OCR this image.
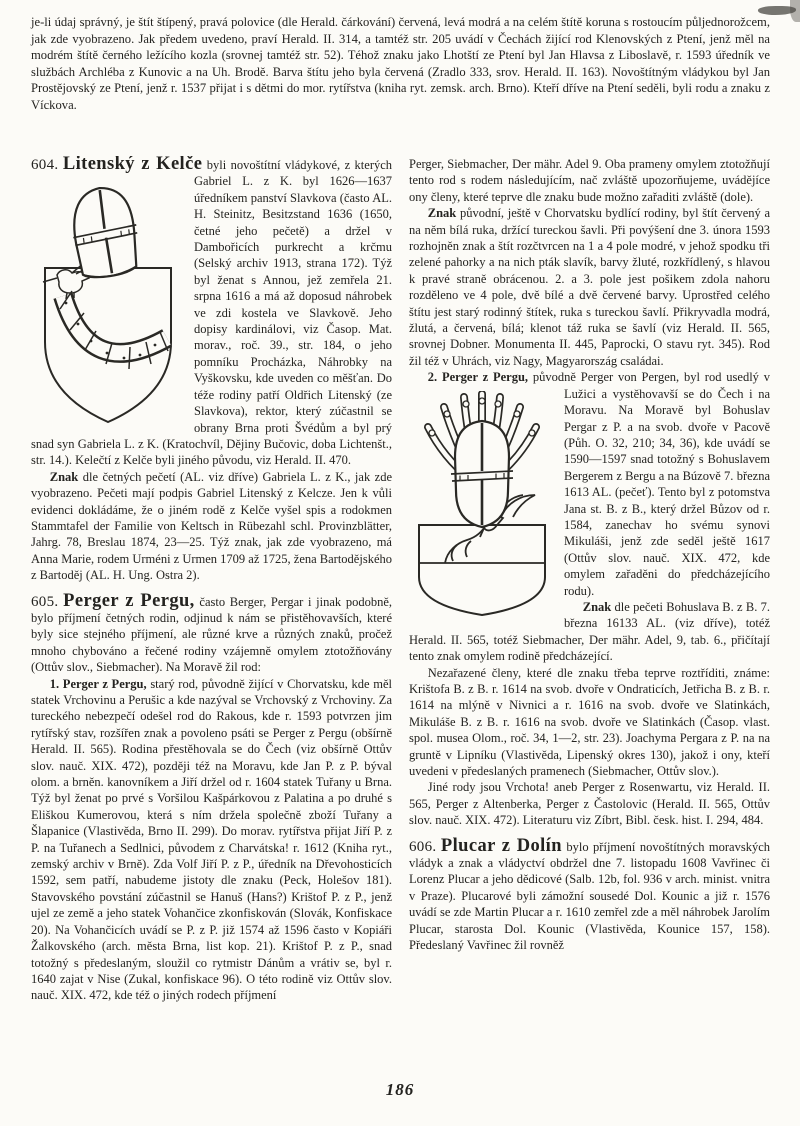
je-li údaj správný, je štít štípený, pravá polovice (dle Herald. čárkování) červená, levá modrá a na celém štítě koruna s rostoucím půljednorožcem, jak zde vyobrazeno. Jak předem uvedeno, praví Herald. II. 314, a tamtéž str. 205 uvádí v Čechách žijící rod Klenovských z Ptení, jenž měl na modrém štítě černého ležícího kozla (srovnej tamtéž str. 52). Téhož znaku jako Lhotští ze Ptení byl Jan Hlavsa z Liboslavě, r. 1593 úředník ve službách Archléba z Kunovic a na Uh. Brodě. Barva štítu jeho byla červená (Zradlo 333, srov. Herald. II. 163). Novoštítným vládykou byl Jan Prostějovský ze Ptení, jenž r. 1537 přijat i s dětmi do mor. rytířstva (kniha ryt. zemsk. arch. Brno). Kteří dříve na Ptení seděli, byli rodu a znaku z Víckova.

604. Litenský z Kelče byli novoštítní vládykové, z kterých Gabriel L. z K. byl 1626—1637 úředníkem panství Slavkova (často AL. H. Steinitz, Besitzstand 1636 (1650, četné jeho pečetě) a držel v Dambořicích purkrecht a krčmu (Selský archiv 1913, strana 172). Týž byl ženat s Annou, jež zemřela 21. srpna 1616 a má až doposud náhrobek ve zdi kostela ve Slavkově. Jeho dopisy kardinálovi, viz Časop. Mat. morav., roč. 39., str. 184, o jeho pomníku Procházka, Náhrobky na Vyškovsku, kde uveden co měšťan. Do téže rodiny patří Oldřich Litenský (ze Slavkova), rektor, který zúčastnil se obrany Brna proti Švédům a byl prý snad syn Gabriela L. z K. (Kratochvíl, Dějiny Bučovic, doba Lichtenšt., str. 14.). Kelečtí z Kelče byli jiného původu, viz Herald. II. 470.

Znak dle četných pečetí (AL. viz dříve) Gabriela L. z K., jak zde vyobrazeno. Pečeti mají podpis Gabriel Litenský z Kelcze. Jen k vůli evidenci dokládáme, že o jiném rodě z Kelče vyšel spis a rodokmen Stammtafel der Familie von Keltsch in Rübezahl schl. Provinzblätter, Jahrg. 78, Breslau 1874, 23—25. Týž znak, jak zde vyobrazeno, má Anna Marie, rodem Urméni z Urmen 1709 až 1725, žena Bartodějského z Bartoděj (AL. H. Ung. Ostra 2).

605. Perger z Pergu, často Berger, Pergar i jinak podobně, bylo příjmení četných rodin, odjinud k nám se přistěhovavších, které byly sice stejného příjmení, ale různé krve a různých znaků, pročež mnoho chybováno a řečené rodiny vzájemně omylem ztotožňovány (Ottův slov., Siebmacher). Na Moravě žil rod:

1. Perger z Pergu, starý rod, původně žijící v Chorvatsku, kde měl statek Vrchovinu a Perušic a kde nazýval se Vrchovský z Vrchoviny. Za tureckého nebezpečí odešel rod do Rakous, kde r. 1593 potvrzen jim rytířský stav, rozšířen znak a povoleno psáti se Perger z Pergu (obšírně Herald. II. 565). Rodina přestěhovala se do Čech (viz obšírně Ottův slov. nauč. XIX. 472), později též na Moravu, kde Jan P. z P. býval olom. a brněn. kanovníkem a Jiří držel od r. 1604 statek Tuřany u Brna. Týž byl ženat po prvé s Voršilou Kašpárkovou z Palatina a po druhé s Eliškou Kumerovou, která s ním držela společně zboží Tuřany a Šlapanice (Vlastivěda, Brno II. 299). Do morav. rytířstva přijat Jiří P. z P. na Tuřanech a Sedlnici, původem z Charvátska! r. 1612 (Kniha ryt., zemský archiv v Brně). Zda Volf Jiří P. z P., úředník na Dřevohosticích 1592, sem patří, nabudeme jistoty dle znaku (Peck, Holešov 181). Stavovského povstání zúčastnil se Hanuš (Hans?) Krištof P. z P., jenž ujel ze země a jeho statek Vohančice zkonfiskován (Slovák, Konfiskace 20). Na Vohančicích uvádí se P. z P. již 1574 až 1596 často v Kopiáři Žalkovského (arch. města Brna, list kop. 21). Krištof P. z P., snad totožný s předeslaným, sloužil co rytmistr Dánům a vrátiv se, byl r. 1640 zajat v Nise (Zukal, konfiskace 96). O této rodině viz Ottův slov. nauč. XIX. 472, kde též o jiných rodech příjmení

Perger, Siebmacher, Der mähr. Adel 9. Oba prameny omylem ztotožňují tento rod s rodem následujícím, nač zvláště upozorňujeme, uvádějíce ony členy, které teprve dle znaku bude možno zařaditi zvláště (dole).

Znak původní, ještě v Chorvatsku bydlící rodiny, byl štít červený a na něm bílá ruka, držící tureckou šavli. Při povýšení dne 3. února 1593 rozhojněn znak a štít rozčtvrcen na 1 a 4 pole modré, v jehož spodku tři zelené pahorky a na nich pták slavík, barvy žluté, rozkřídlený, s hlavou k pravé straně obrácenou. 2. a 3. pole jest pošikem zdola nahoru rozděleno ve 4 pole, dvě bílé a dvě červené barvy. Uprostřed celého štítu jest starý rodinný štítek, ruka s tureckou šavlí. Přikryvadla modrá, žlutá, a červená, bílá; klenot táž ruka se šavlí (viz Herald. II. 565, srovnej Dobner. Monumenta II. 445, Paprocki, O stavu ryt. 345). Rod žil též v Uhrách, viz Nagy, Magyarország családai.

2. Perger z Pergu, původně Perger von Pergen, byl rod usedlý v Lužici a vystěhovavší se do Čech i na Moravu. Na Moravě byl Bohuslav Pergar z P. a na svob. dvoře v Pacově (Půh. O. 32, 210; 34, 36), kde uvádí se 1590—1597 snad totožný s Bohuslavem Bergerem z Bergu a na Búzově 7. března 1613 AL. (pečeť). Tento byl z potomstva Jana st. B. z B., který držel Bůzov od r. 1584, zanechav ho svému synovi Mikuláši, jenž zde seděl ještě 1617 (Ottův slov. nauč. XIX. 472, kde omylem zařaděni do předcházejícího rodu).

Znak dle pečeti Bohuslava B. z B. 7. března 16133 AL. (viz dříve), totéž Herald. II. 565, totéž Siebmacher, Der mähr. Adel, 9, tab. 6., přičítají tento znak omylem rodině předcházející.

Nezařazené členy, které dle znaku třeba teprve roztříditi, známe: Krištofa B. z B. r. 1614 na svob. dvoře v Ondraticích, Jetřicha B. z B. r. 1614 na mlýně v Nivnici a r. 1616 na svob. dvoře ve Slatinkách, Mikuláše B. z B. r. 1616 na svob. dvoře ve Slatinkách (Časop. vlast. spol. musea Olom., roč. 34, 1—2, str. 23). Joachyma Pergara z P. na na gruntě v Lipníku (Vlastivěda, Lipenský okres 130), jakož i ony, kteří uvedeni v předeslaných pramenech (Siebmacher, Ottův slov.).

Jiné rody jsou Vrchota! aneb Perger z Rosenwartu, viz Herald. II. 565, Perger z Altenberka, Perger z Častolovic (Herald. II. 565, Ottův slov. nauč. XIX. 472). Literaturu viz Zíbrt, Bibl. česk. hist. I. 294, 484.

606. Plucar z Dolín bylo příjmení novoštítných moravských vládyk a znak a vládyctví obdržel dne 7. listopadu 1608 Vavřinec či Lorenz Plucar a jeho dědicové (Salb. 12b, fol. 936 v arch. minist. vnitra v Praze). Plucarové byli zámožní sousedé Dol. Kounic a již r. 1576 uvádí se zde Martin Plucar a r. 1610 zemřel zde a měl náhrobek Jarolím Plucar, starosta Dol. Kounic (Vlastivěda, Kounice 157, 158). Předeslaný Vavřinec žil rovněž

186
